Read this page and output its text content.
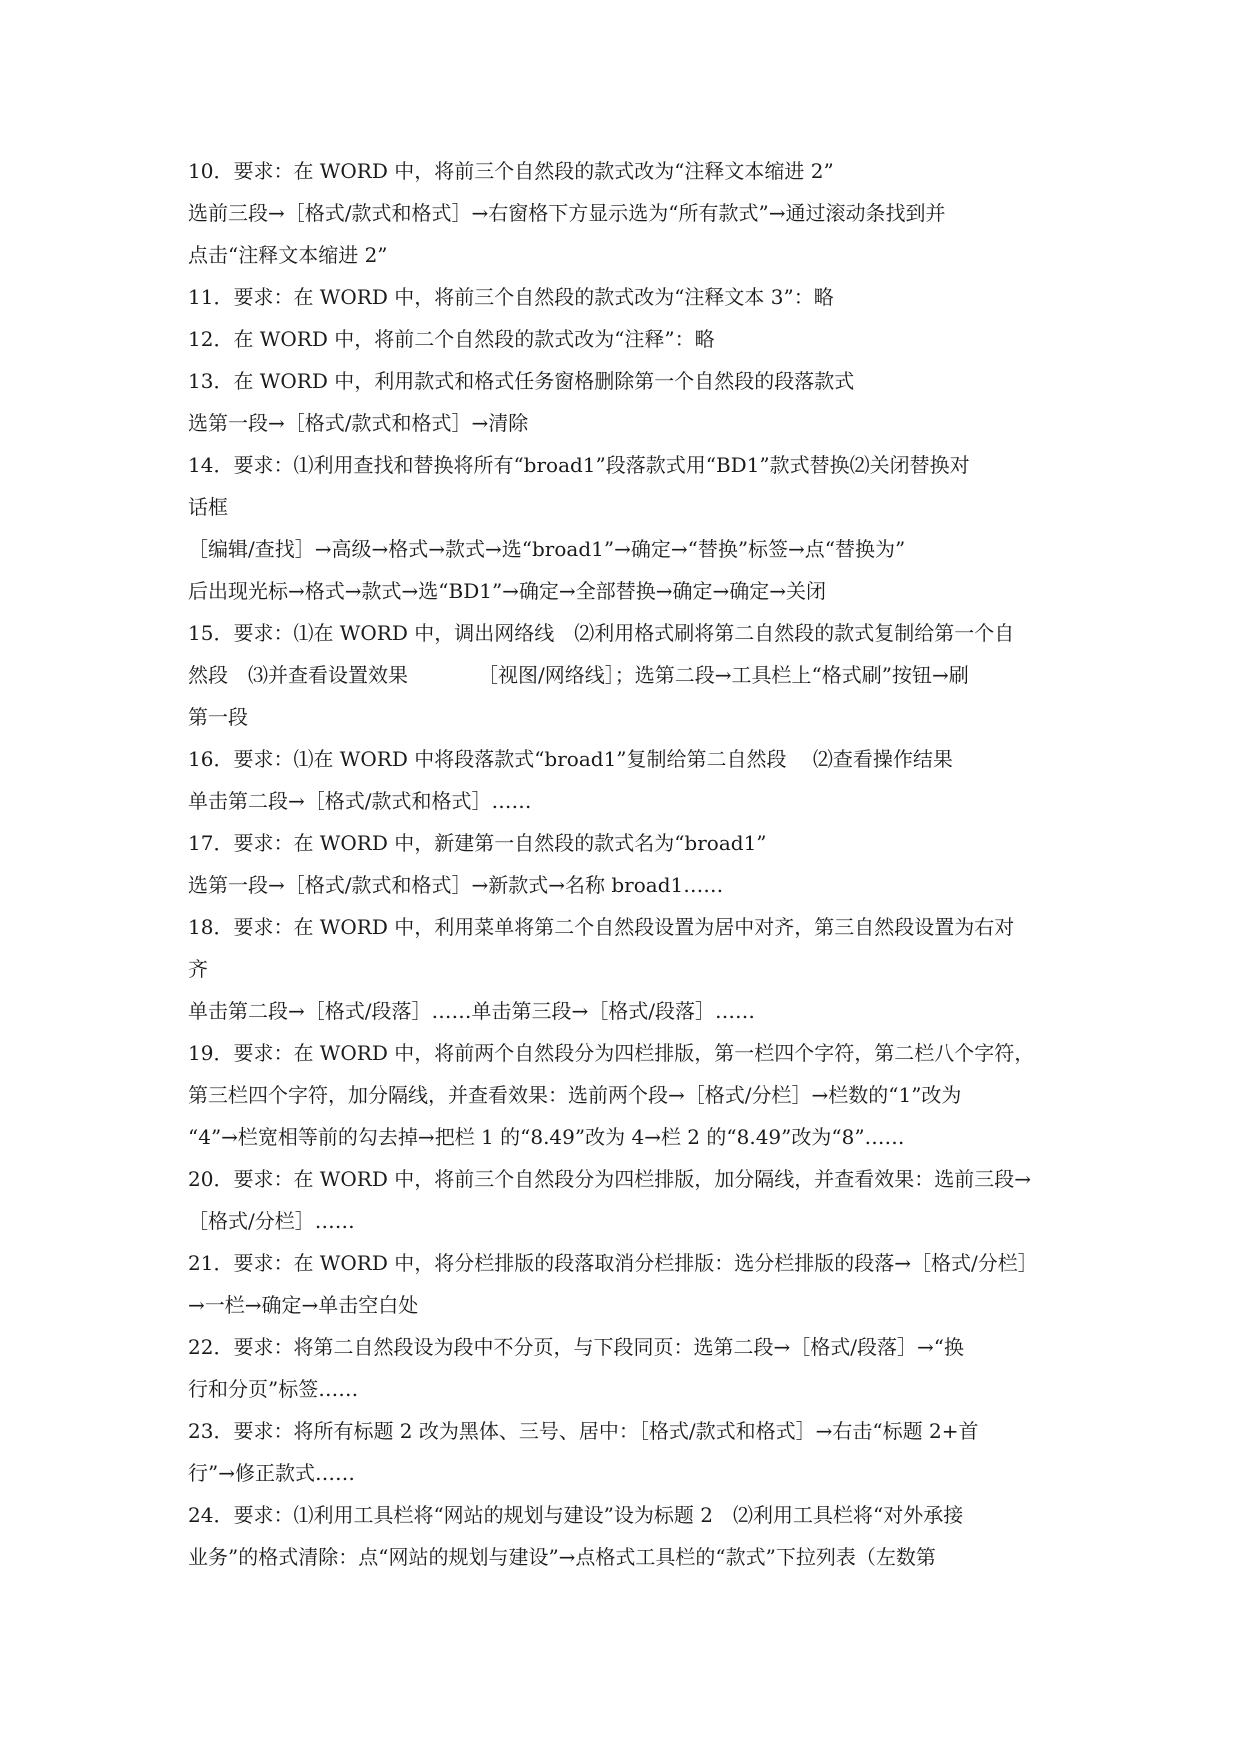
10．要求：在 WORD 中，将前三个自然段的款式改为“注释文本缩进 2”
选前三段→［格式/款式和格式］→右窗格下方显示选为“所有款式”→通过滚动条找到并
点击“注释文本缩进 2”
11．要求：在 WORD 中，将前三个自然段的款式改为“注释文本 3”：略
12．在 WORD 中，将前二个自然段的款式改为“注释”：略
13．在 WORD 中，利用款式和格式任务窗格删除第一个自然段的段落款式
选第一段→［格式/款式和格式］→清除
14．要求：⑴利用查找和替换将所有“broad1”段落款式用“BD1”款式替换⑵关闭替换对
话框
［编辑/查找］→高级→格式→款式→选“broad1”→确定→“替换”标签→点“替换为”
后出现光标→格式→款式→选“BD1”→确定→全部替换→确定→确定→关闭
15．要求：⑴在 WORD 中，调出网络线　⑵利用格式刷将第二自然段的款式复制给第一个自
然段　⑶并查看设置效果　　　　［视图/网络线］；选第二段→工具栏上“格式刷”按钮→刷
第一段
16．要求：⑴在 WORD 中将段落款式“broad1”复制给第二自然段　 ⑵查看操作结果
单击第二段→［格式/款式和格式］……
17．要求：在 WORD 中，新建第一自然段的款式名为“broad1”
选第一段→［格式/款式和格式］→新款式→名称 broad1……
18．要求：在 WORD 中，利用菜单将第二个自然段设置为居中对齐，第三自然段设置为右对
齐
单击第二段→［格式/段落］……单击第三段→［格式/段落］……
19．要求：在 WORD 中，将前两个自然段分为四栏排版，第一栏四个字符，第二栏八个字符，
第三栏四个字符，加分隔线，并查看效果：选前两个段→［格式/分栏］→栏数的“1”改为
“4”→栏宽相等前的勾去掉→把栏 1 的“8.49”改为 4→栏 2 的“8.49”改为“8”……
20．要求：在 WORD 中，将前三个自然段分为四栏排版，加分隔线，并查看效果：选前三段→
［格式/分栏］……
21．要求：在 WORD 中，将分栏排版的段落取消分栏排版：选分栏排版的段落→［格式/分栏］
→一栏→确定→单击空白处
22．要求：将第二自然段设为段中不分页，与下段同页：选第二段→［格式/段落］→“换
行和分页”标签……
23．要求：将所有标题 2 改为黑体、三号、居中：［格式/款式和格式］→右击“标题 2+首
行”→修正款式……
24．要求：⑴利用工具栏将“网站的规划与建设”设为标题 2　⑵利用工具栏将“对外承接
业务”的格式清除：点“网站的规划与建设”→点格式工具栏的“款式”下拉列表（左数第
